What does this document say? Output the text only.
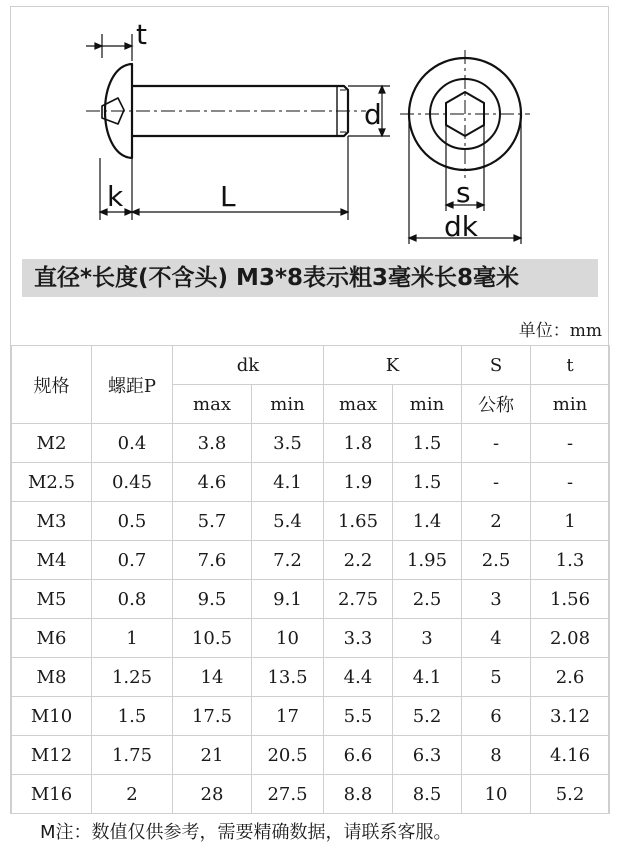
t
k	L
d
s
dk
直径*长度(不含头) M3*8表示粗3毫米长8毫米
单位：mm
规格	螺距P	dk		K		S	t
		max	min	max	min	公称	min
M2	0.4	3.8	3.5	1.8	1.5	-	-
M2.5	0.45	4.6	4.1	1.9	1.5	-	-
M3	0.5	5.7	5.4	1.65	1.4	2	1
M4	0.7	7.6	7.2	2.2	1.95	2.5	1.3
M5	0.8	9.5	9.1	2.75	2.5	3	1.56
M6	1	10.5	10	3.3	3	4	2.08
M8	1.25	14	13.5	4.4	4.1	5	2.6
M10	1.5	17.5	17	5.5	5.2	6	3.12
M12	1.75	21	20.5	6.6	6.3	8	4.16
M16	2	28	27.5	8.8	8.5	10	5.2
M注：数值仅供参考，需要精确数据，请联系客服。
